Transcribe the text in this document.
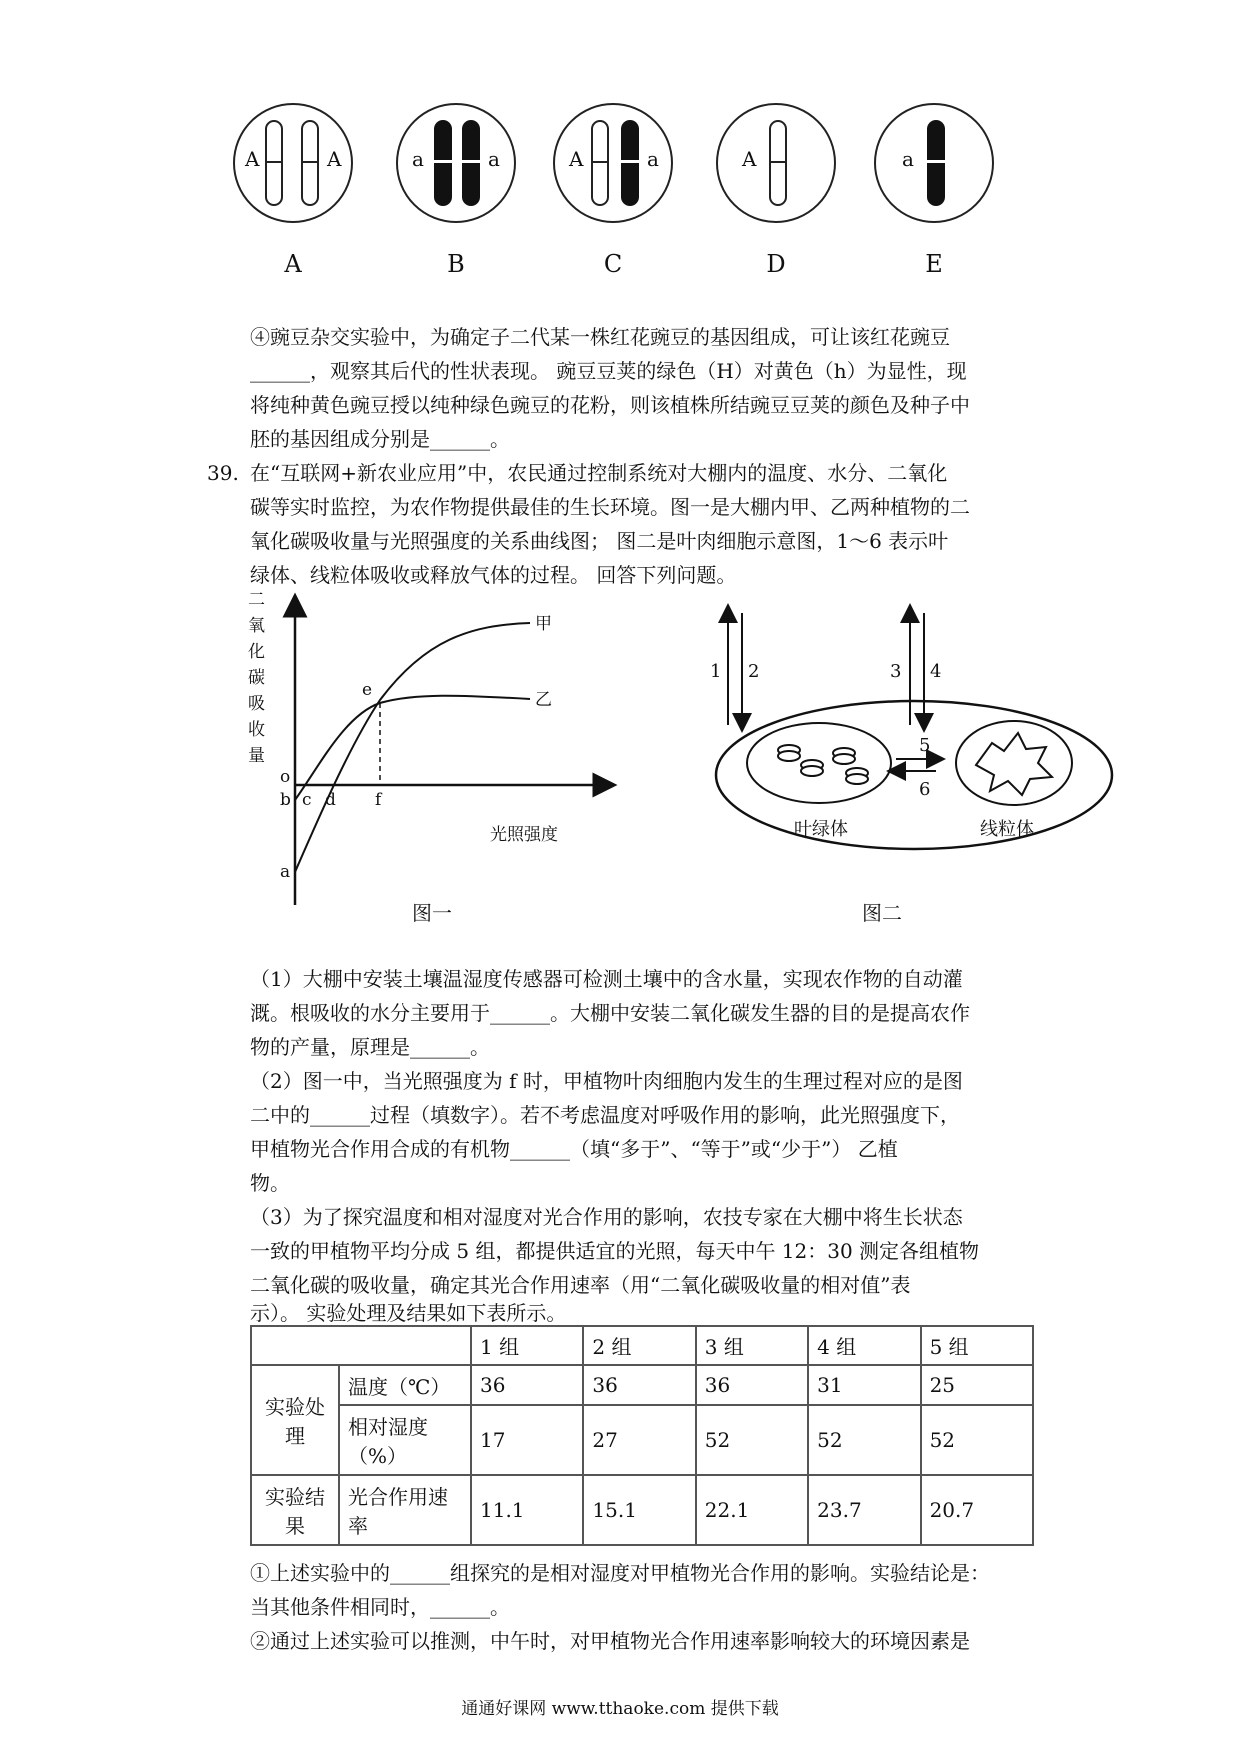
A	A	a	a	A	a	A	a
A	B	C	D	E
④豌豆杂交实验中，为确定子二代某一株红花豌豆的基因组成，可让该红花豌豆
______，观察其后代的性状表现。 豌豆豆荚的绿色（H）对黄色（h）为显性，现
将纯种黄色豌豆授以纯种绿色豌豆的花粉，则该植株所结豌豆豆荚的颜色及种子中
胚的基因组成分别是______。
39. 在“互联网+新农业应用”中，农民通过控制系统对大棚内的温度、水分、二氧化
碳等实时监控，为农作物提供最佳的生长环境。图一是大棚内甲、乙两种植物的二
氧化碳吸收量与光照强度的关系曲线图； 图二是叶肉细胞示意图，1～6 表示叶
绿体、线粒体吸收或释放气体的过程。 回答下列问题。
二
氧
化
碳
吸
收
量
甲
乙
e
o
b
a
c d f
光照强度
图一
1 2	3 4
5
6
叶绿体	线粒体
图二
（1）大棚中安装土壤温湿度传感器可检测土壤中的含水量，实现农作物的自动灌
溉。根吸收的水分主要用于______。大棚中安装二氧化碳发生器的目的是提高农作
物的产量，原理是______。
（2）图一中，当光照强度为 f 时，甲植物叶肉细胞内发生的生理过程对应的是图
二中的______过程（填数字）。若不考虑温度对呼吸作用的影响，此光照强度下，
甲植物光合作用合成的有机物______（填“多于”、“等于”或“少于”） 乙植
物。
（3）为了探究温度和相对湿度对光合作用的影响，农技专家在大棚中将生长状态
一致的甲植物平均分成 5 组，都提供适宜的光照，每天中午 12：30 测定各组植物
二氧化碳的吸收量，确定其光合作用速率（用“二氧化碳吸收量的相对值”表
示）。 实验处理及结果如下表所示。
		1 组	2 组	3 组	4 组	5 组
实验处理	温度（℃）	36	36	36	31	25
	相对湿度（%）	17	27	52	52	52
实验结果	光合作用速率	11.1	15.1	22.1	23.7	20.7
①上述实验中的______组探究的是相对湿度对甲植物光合作用的影响。实验结论是：
当其他条件相同时，______。
②通过上述实验可以推测，中午时，对甲植物光合作用速率影响较大的环境因素是
通通好课网 www.tthaoke.com 提供下载
